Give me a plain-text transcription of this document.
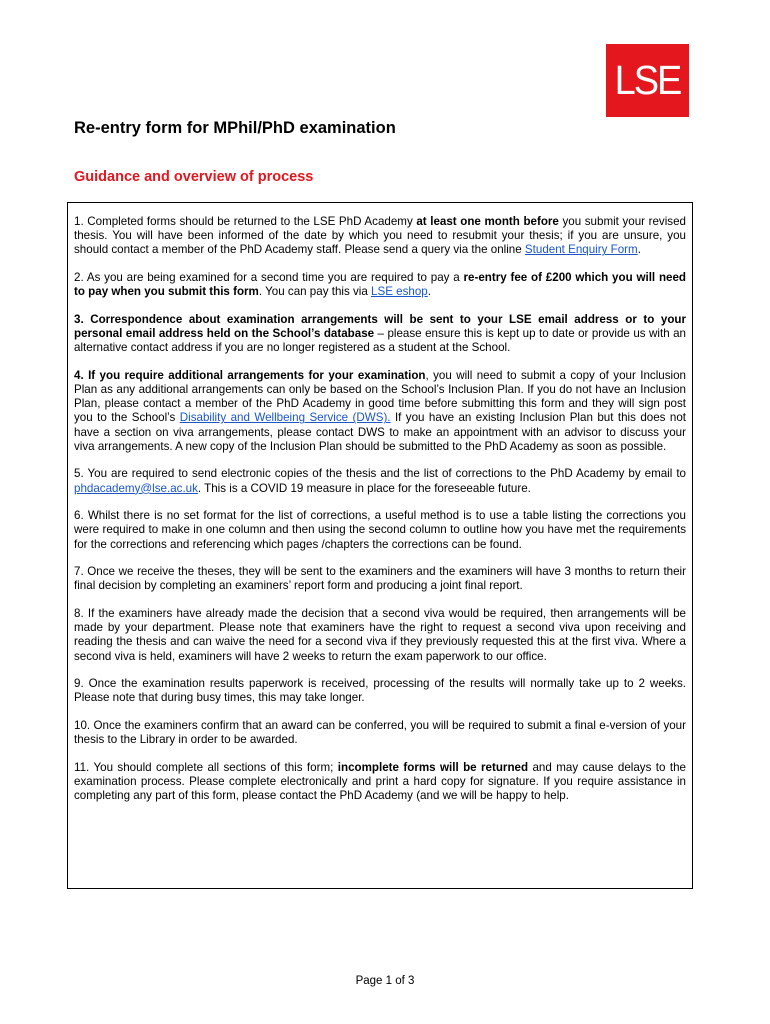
LSE
Re-entry form for MPhil/PhD examination
Guidance and overview of process

1. Completed forms should be returned to the LSE PhD Academy at least one month before you submit your revised thesis. You will have been informed of the date by which you need to resubmit your thesis; if you are unsure, you should contact a member of the PhD Academy staff. Please send a query via the online Student Enquiry Form.

2. As you are being examined for a second time you are required to pay a re-entry fee of £200 which you will need to pay when you submit this form. You can pay this via LSE eshop.

3. Correspondence about examination arrangements will be sent to your LSE email address or to your personal email address held on the School’s database – please ensure this is kept up to date or provide us with an alternative contact address if you are no longer registered as a student at the School.

4. If you require additional arrangements for your examination, you will need to submit a copy of your Inclusion Plan as any additional arrangements can only be based on the School’s Inclusion Plan. If you do not have an Inclusion Plan, please contact a member of the PhD Academy in good time before submitting this form and they will sign post you to the School’s Disability and Wellbeing Service (DWS). If you have an existing Inclusion Plan but this does not have a section on viva arrangements, please contact DWS to make an appointment with an advisor to discuss your viva arrangements. A new copy of the Inclusion Plan should be submitted to the PhD Academy as soon as possible.

5. You are required to send electronic copies of the thesis and the list of corrections to the PhD Academy by email to phdacademy@lse.ac.uk. This is a COVID 19 measure in place for the foreseeable future.

6. Whilst there is no set format for the list of corrections, a useful method is to use a table listing the corrections you were required to make in one column and then using the second column to outline how you have met the requirements for the corrections and referencing which pages /chapters the corrections can be found.

7. Once we receive the theses, they will be sent to the examiners and the examiners will have 3 months to return their final decision by completing an examiners’ report form and producing a joint final report.

8. If the examiners have already made the decision that a second viva would be required, then arrangements will be made by your department. Please note that examiners have the right to request a second viva upon receiving and reading the thesis and can waive the need for a second viva if they previously requested this at the first viva. Where a second viva is held, examiners will have 2 weeks to return the exam paperwork to our office.

9. Once the examination results paperwork is received, processing of the results will normally take up to 2 weeks. Please note that during busy times, this may take longer.

10. Once the examiners confirm that an award can be conferred, you will be required to submit a final e-version of your thesis to the Library in order to be awarded.

11. You should complete all sections of this form; incomplete forms will be returned and may cause delays to the examination process. Please complete electronically and print a hard copy for signature. If you require assistance in completing any part of this form, please contact the PhD Academy (and we will be happy to help.

Page 1 of 3
